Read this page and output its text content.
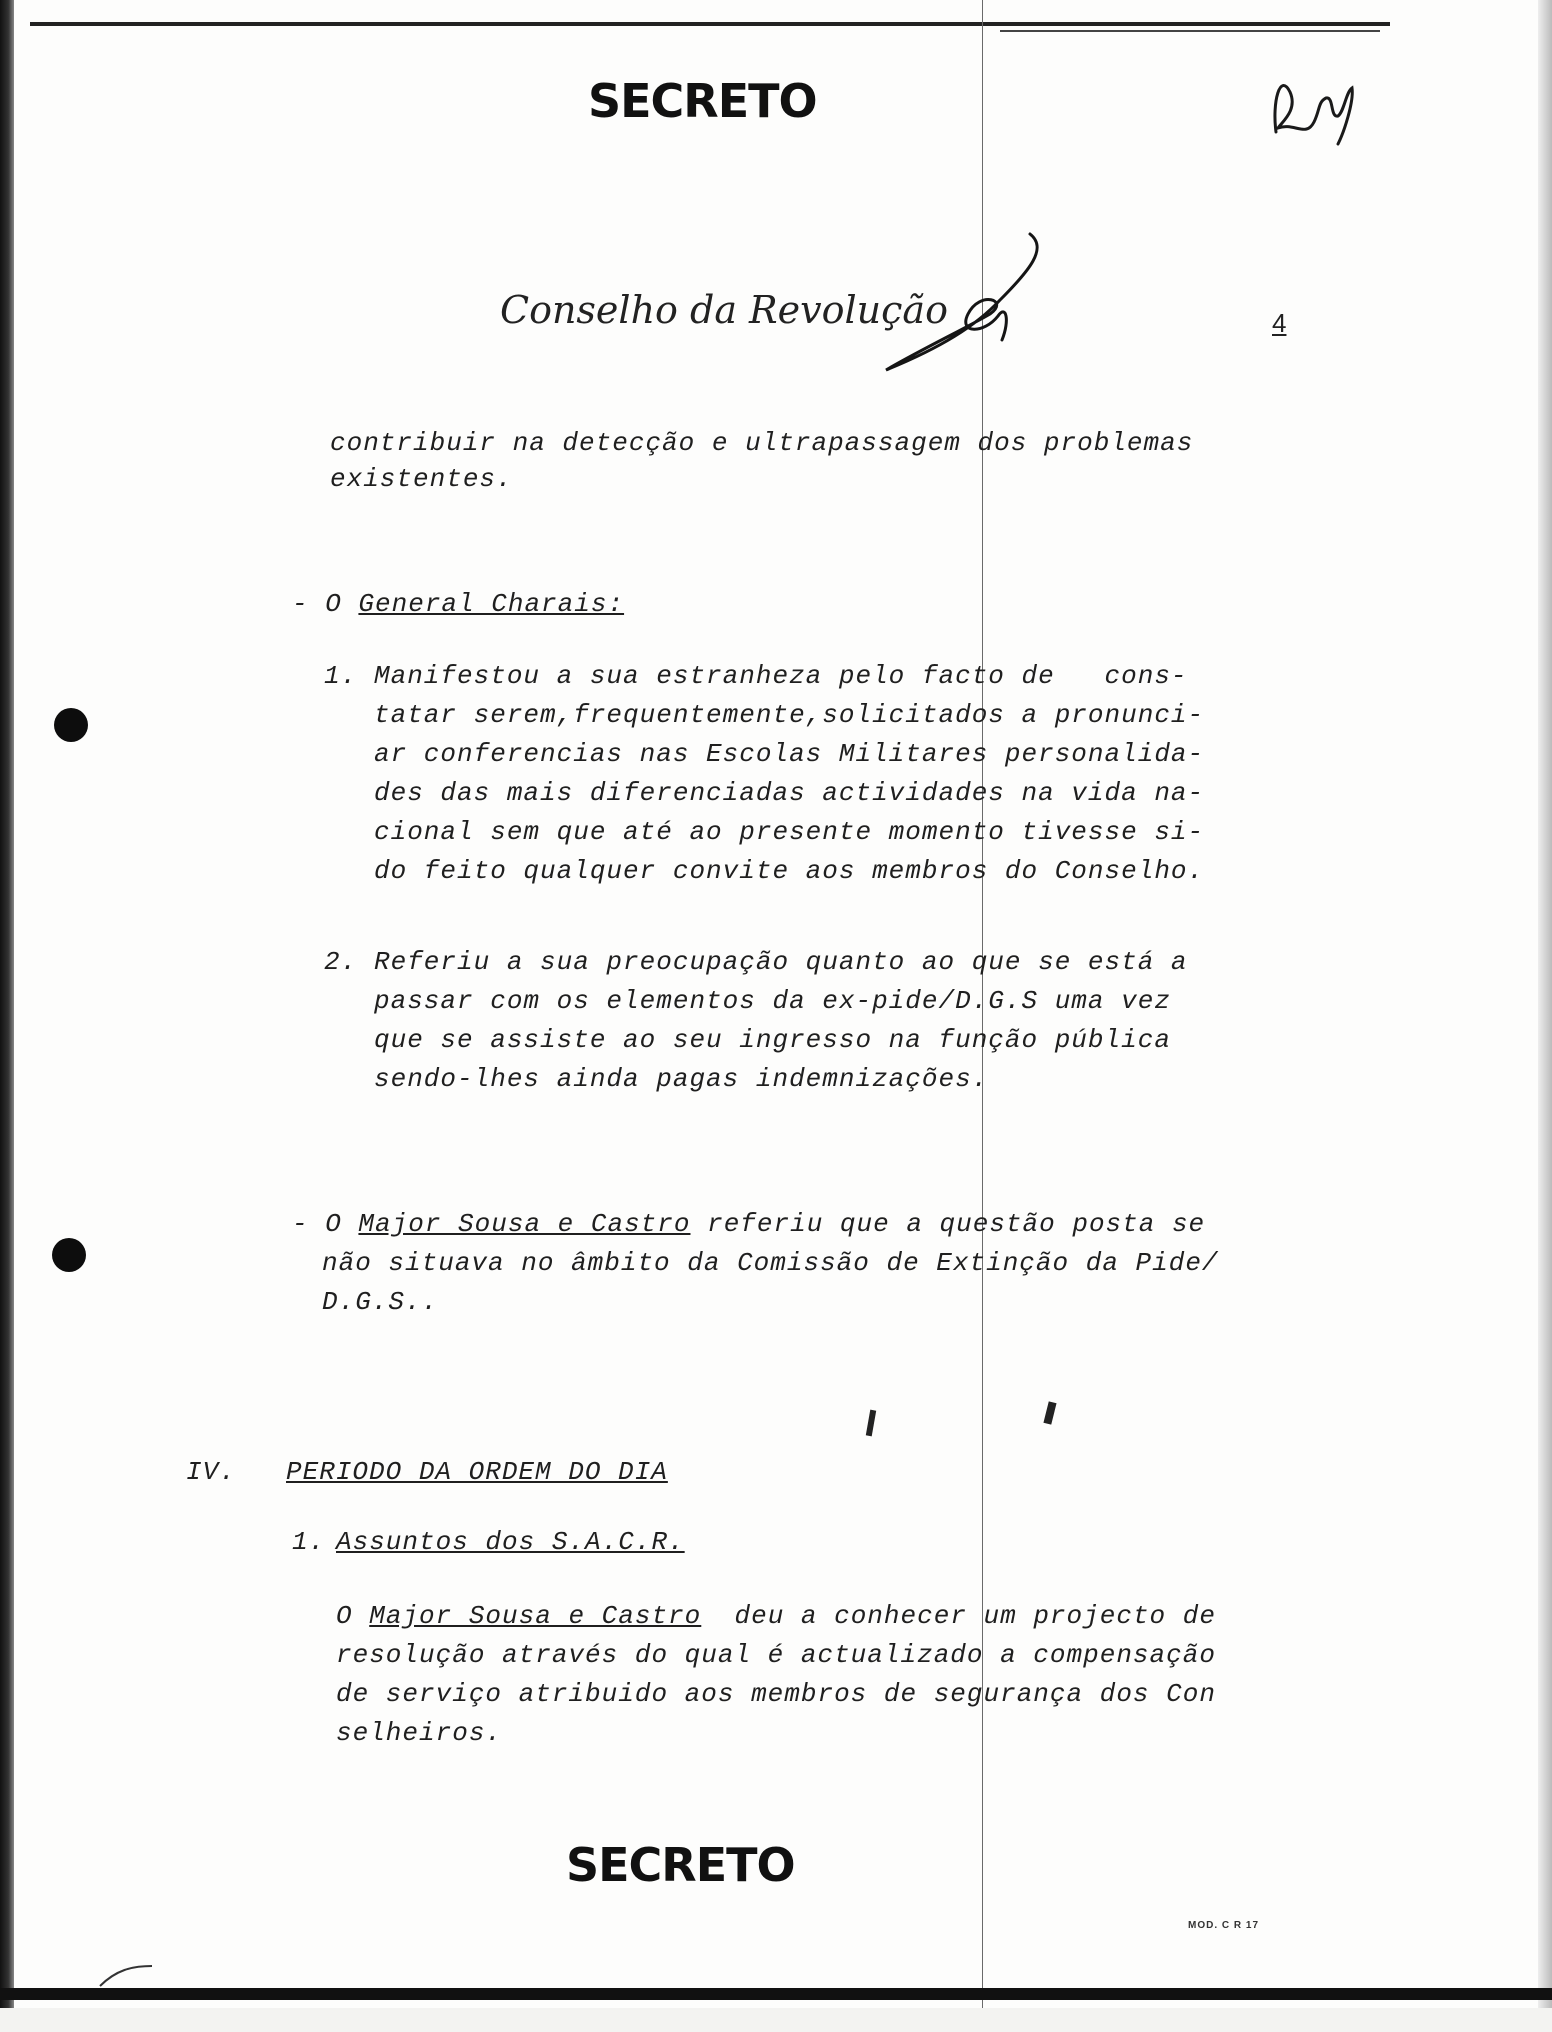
SECRETO
Conselho da Revolução	4
contribuir na detecção e ultrapassagem dos problemas
existentes.
- O General Charais:
1. Manifestou a sua estranheza pelo facto de   cons-
tatar serem,frequentemente,solicitados a pronunci-
ar conferencias nas Escolas Militares personalida-
des das mais diferenciadas actividades na vida na-
cional sem que até ao presente momento tivesse si-
do feito qualquer convite aos membros do Conselho.
2. Referiu a sua preocupação quanto ao que se está a
passar com os elementos da ex-pide/D.G.S uma vez
que se assiste ao seu ingresso na função pública
sendo-lhes ainda pagas indemnizações.
- O Major Sousa e Castro referiu que a questão posta se
não situava no âmbito da Comissão de Extinção da Pide/
D.G.S..
IV. PERIODO DA ORDEM DO DIA
1. Assuntos dos S.A.C.R.
O Major Sousa e Castro  deu a conhecer um projecto de
resolução através do qual é actualizado a compensação
de serviço atribuido aos membros de segurança dos Con
selheiros.
SECRETO
MOD. C R 17
